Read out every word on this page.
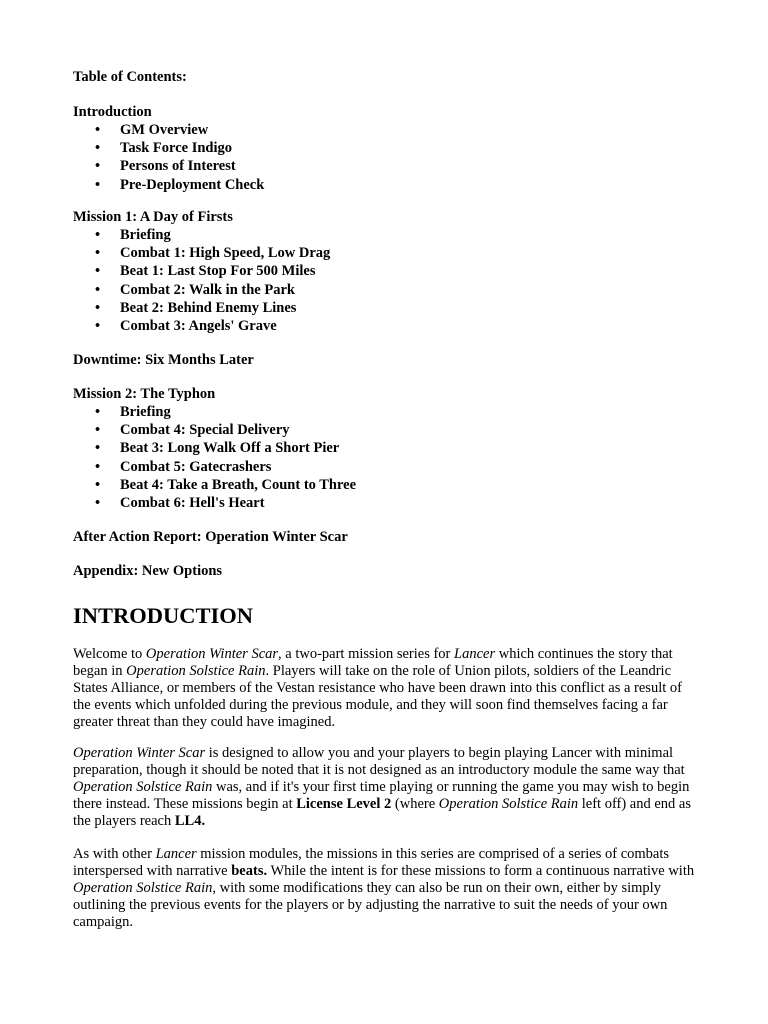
Table of Contents:

Introduction
• GM Overview
• Task Force Indigo
• Persons of Interest
• Pre-Deployment Check
Mission 1: A Day of Firsts
• Briefing
• Combat 1: High Speed, Low Drag
• Beat 1: Last Stop For 500 Miles
• Combat 2: Walk in the Park
• Beat 2: Behind Enemy Lines
• Combat 3: Angels' Grave

Downtime: Six Months Later

Mission 2: The Typhon
• Briefing
• Combat 4: Special Delivery
• Beat 3: Long Walk Off a Short Pier
• Combat 5: Gatecrashers
• Beat 4: Take a Breath, Count to Three
• Combat 6: Hell's Heart

After Action Report: Operation Winter Scar

Appendix: New Options

INTRODUCTION

Welcome to Operation Winter Scar, a two-part mission series for Lancer which continues the story that began in Operation Solstice Rain. Players will take on the role of Union pilots, soldiers of the Leandric States Alliance, or members of the Vestan resistance who have been drawn into this conflict as a result of the events which unfolded during the previous module, and they will soon find themselves facing a far greater threat than they could have imagined.

Operation Winter Scar is designed to allow you and your players to begin playing Lancer with minimal preparation, though it should be noted that it is not designed as an introductory module the same way that Operation Solstice Rain was, and if it's your first time playing or running the game you may wish to begin there instead. These missions begin at License Level 2 (where Operation Solstice Rain left off) and end as the players reach LL4.

As with other Lancer mission modules, the missions in this series are comprised of a series of combats interspersed with narrative beats. While the intent is for these missions to form a continuous narrative with Operation Solstice Rain, with some modifications they can also be run on their own, either by simply outlining the previous events for the players or by adjusting the narrative to suit the needs of your own campaign.
